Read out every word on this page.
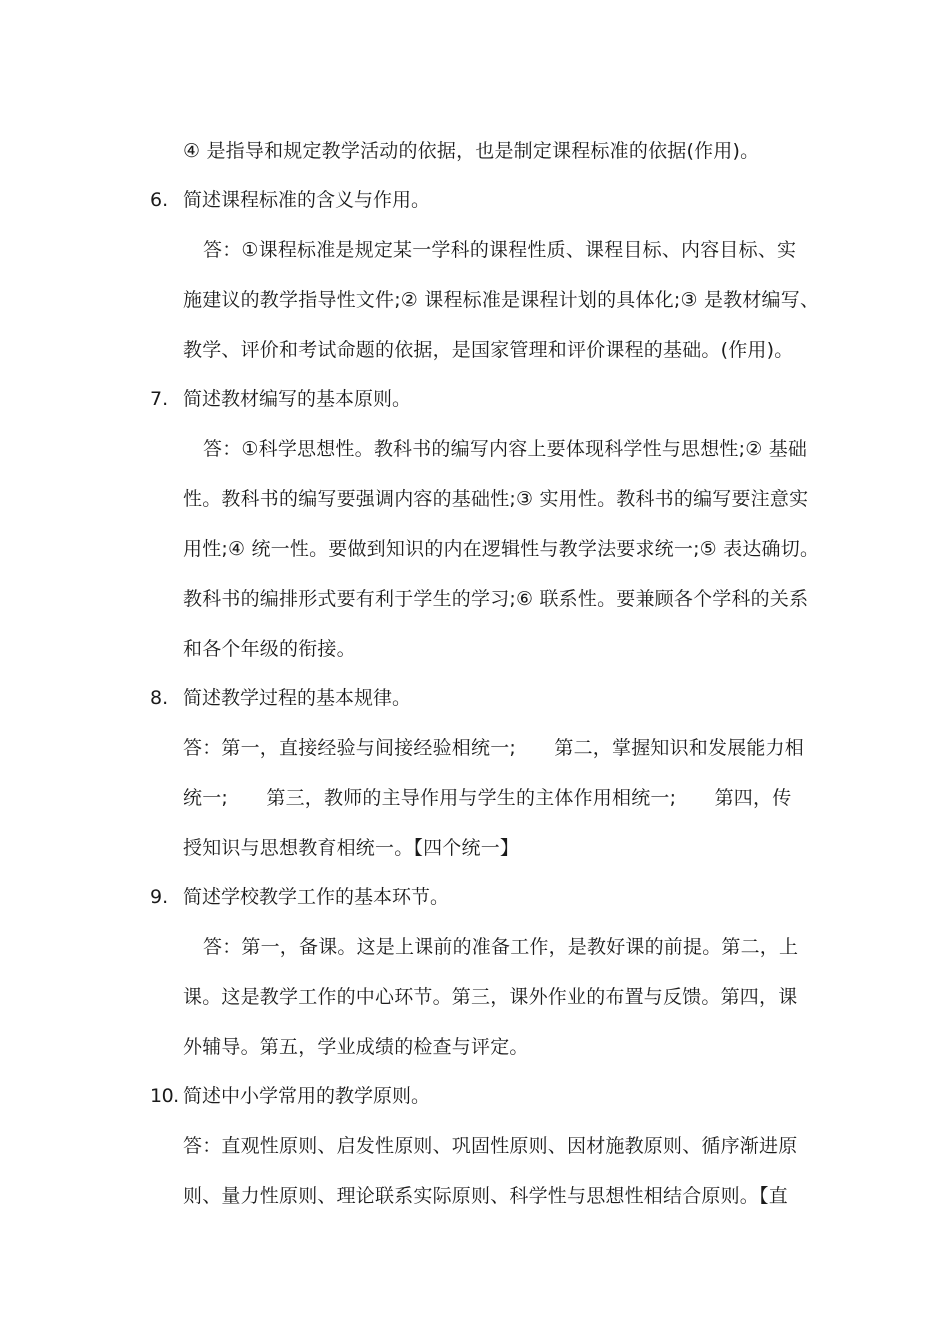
④ 是指导和规定教学活动的依据，也是制定课程标准的依据(作用)。
6. 简述课程标准的含义与作用。
答：①课程标准是规定某一学科的课程性质、课程目标、内容目标、实
施建议的教学指导性文件;② 课程标准是课程计划的具体化;③ 是教材编写、
教学、评价和考试命题的依据，是国家管理和评价课程的基础。(作用)。
7. 简述教材编写的基本原则。
答：①科学思想性。教科书的编写内容上要体现科学性与思想性;② 基础
性。教科书的编写要强调内容的基础性;③ 实用性。教科书的编写要注意实
用性;④ 统一性。要做到知识的内在逻辑性与教学法要求统一;⑤ 表达确切。
教科书的编排形式要有利于学生的学习;⑥ 联系性。要兼顾各个学科的关系
和各个年级的衔接。
8. 简述教学过程的基本规律。
答：第一，直接经验与间接经验相统一;　　第二，掌握知识和发展能力相
统一;　　第三，教师的主导作用与学生的主体作用相统一;　　第四，传
授知识与思想教育相统一。【四个统一】
9. 简述学校教学工作的基本环节。
答：第一，备课。这是上课前的准备工作，是教好课的前提。第二，上
课。这是教学工作的中心环节。第三，课外作业的布置与反馈。第四，课
外辅导。第五，学业成绩的检查与评定。
10. 简述中小学常用的教学原则。
答：直观性原则、启发性原则、巩固性原则、因材施教原则、循序渐进原
则、量力性原则、理论联系实际原则、科学性与思想性相结合原则。【直
